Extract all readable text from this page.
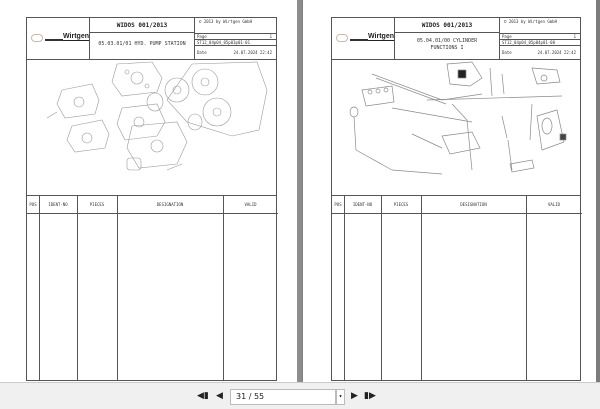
Wirtgen
WIDOS 001/2013
05.03.01/01 HYD. PUMP STATION
© 2013 by Wirtgen GmbH
Page	1
ST12_04p04_05p03p01-01
Date	24.07.2024 22:42
POS	IDENT-NO	PIECES	DESIGNATION	VALID
Wirtgen
WIDOS 001/2013
05.04.01/00 CYLINDER FUNCTIONS I
© 2013 by Wirtgen GmbH
Page	1
ST12_04p04_05p04p01-00
Date	24.07.2024 22:42
POS	IDENT-NO	PIECES	DESIGNATION	VALID
◀▮ ◀	31 / 55	▾ ▶ ▮▶
